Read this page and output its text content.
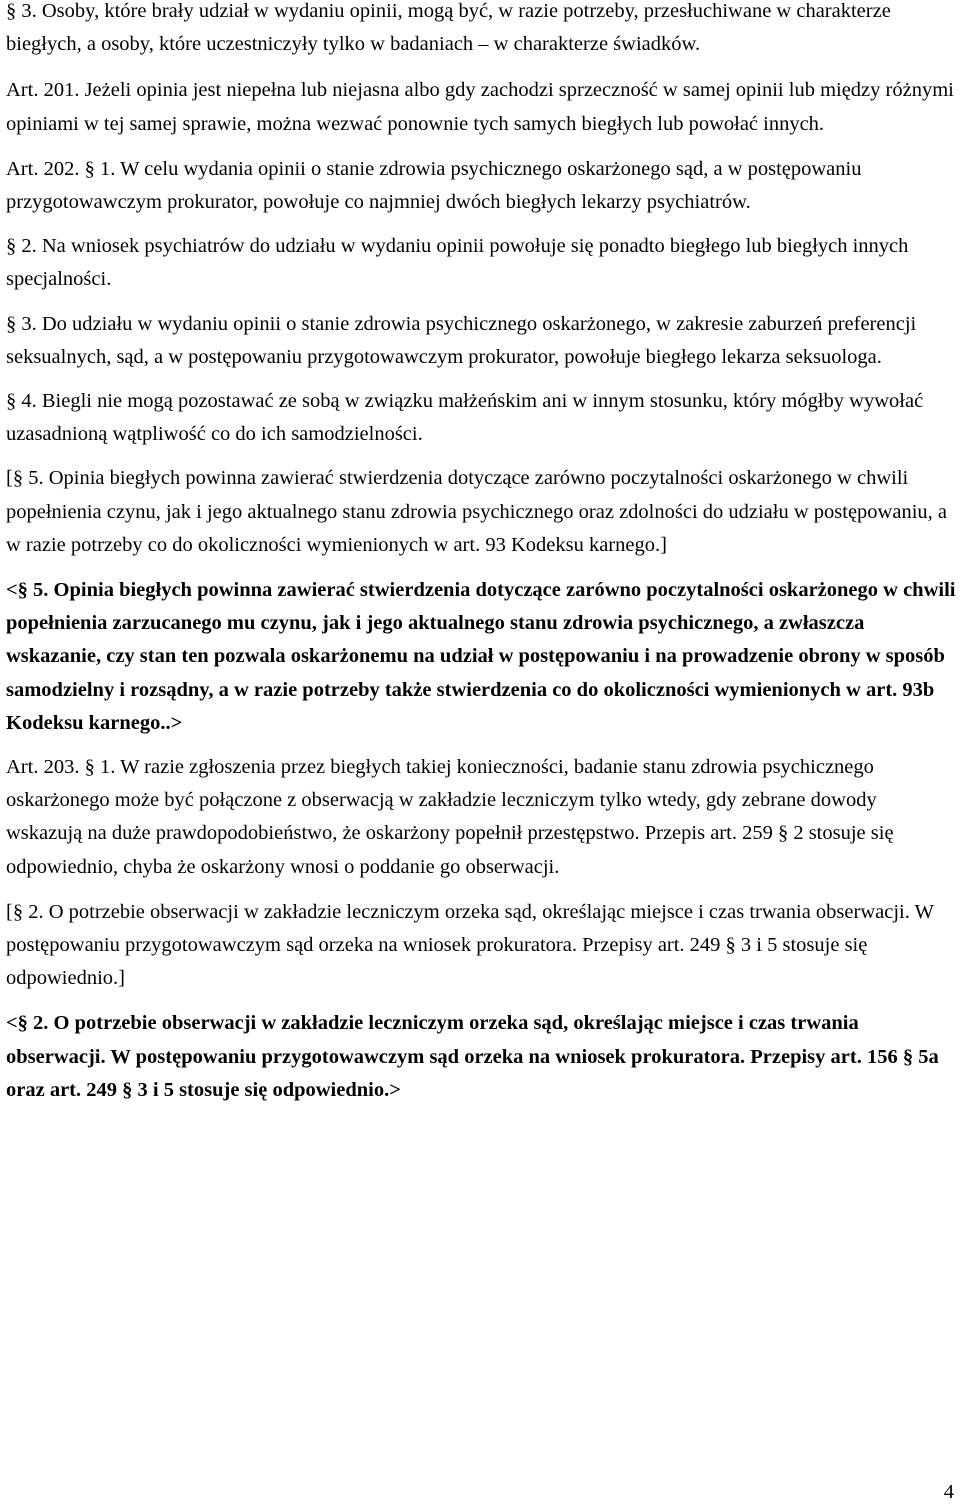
§ 3. Osoby, które brały udział w wydaniu opinii, mogą być, w razie potrzeby, przesłuchiwane w charakterze biegłych, a osoby, które uczestniczyły tylko w badaniach – w charakterze świadków.

Art. 201. Jeżeli opinia jest niepełna lub niejasna albo gdy zachodzi sprzeczność w samej opinii lub między różnymi opiniami w tej samej sprawie, można wezwać ponownie tych samych biegłych lub powołać innych.

Art. 202. § 1. W celu wydania opinii o stanie zdrowia psychicznego oskarżonego sąd, a w postępowaniu przygotowawczym prokurator, powołuje co najmniej dwóch biegłych lekarzy psychiatrów.

§ 2. Na wniosek psychiatrów do udziału w wydaniu opinii powołuje się ponadto biegłego lub biegłych innych specjalności.

§ 3. Do udziału w wydaniu opinii o stanie zdrowia psychicznego oskarżonego, w zakresie zaburzeń preferencji seksualnych, sąd, a w postępowaniu przygotowawczym prokurator, powołuje biegłego lekarza seksuologa.

§ 4. Biegli nie mogą pozostawać ze sobą w związku małżeńskim ani w innym stosunku, który mógłby wywołać uzasadnioną wątpliwość co do ich samodzielności.

[§ 5. Opinia biegłych powinna zawierać stwierdzenia dotyczące zarówno poczytalności oskarżonego w chwili popełnienia czynu, jak i jego aktualnego stanu zdrowia psychicznego oraz zdolności do udziału w postępowaniu, a w razie potrzeby co do okoliczności wymienionych w art. 93 Kodeksu karnego.]

<§ 5. Opinia biegłych powinna zawierać stwierdzenia dotyczące zarówno poczytalności oskarżonego w chwili popełnienia zarzucanego mu czynu, jak i jego aktualnego stanu zdrowia psychicznego, a zwłaszcza wskazanie, czy stan ten pozwala oskarżonemu na udział w postępowaniu i na prowadzenie obrony w sposób samodzielny i rozsądny, a w razie potrzeby także stwierdzenia co do okoliczności wymienionych w art. 93b Kodeksu karnego..>

Art. 203. § 1. W razie zgłoszenia przez biegłych takiej konieczności, badanie stanu zdrowia psychicznego oskarżonego może być połączone z obserwacją w zakładzie leczniczym tylko wtedy, gdy zebrane dowody wskazują na duże prawdopodobieństwo, że oskarżony popełnił przestępstwo. Przepis art. 259 § 2 stosuje się odpowiednio, chyba że oskarżony wnosi o poddanie go obserwacji.

[§ 2. O potrzebie obserwacji w zakładzie leczniczym orzeka sąd, określając miejsce i czas trwania obserwacji. W postępowaniu przygotowawczym sąd orzeka na wniosek prokuratora. Przepisy art. 249 § 3 i 5 stosuje się odpowiednio.]

<§ 2. O potrzebie obserwacji w zakładzie leczniczym orzeka sąd, określając miejsce i czas trwania obserwacji. W postępowaniu przygotowawczym sąd orzeka na wniosek prokuratora. Przepisy art. 156 § 5a oraz art. 249 § 3 i 5 stosuje się odpowiednio.>

4
